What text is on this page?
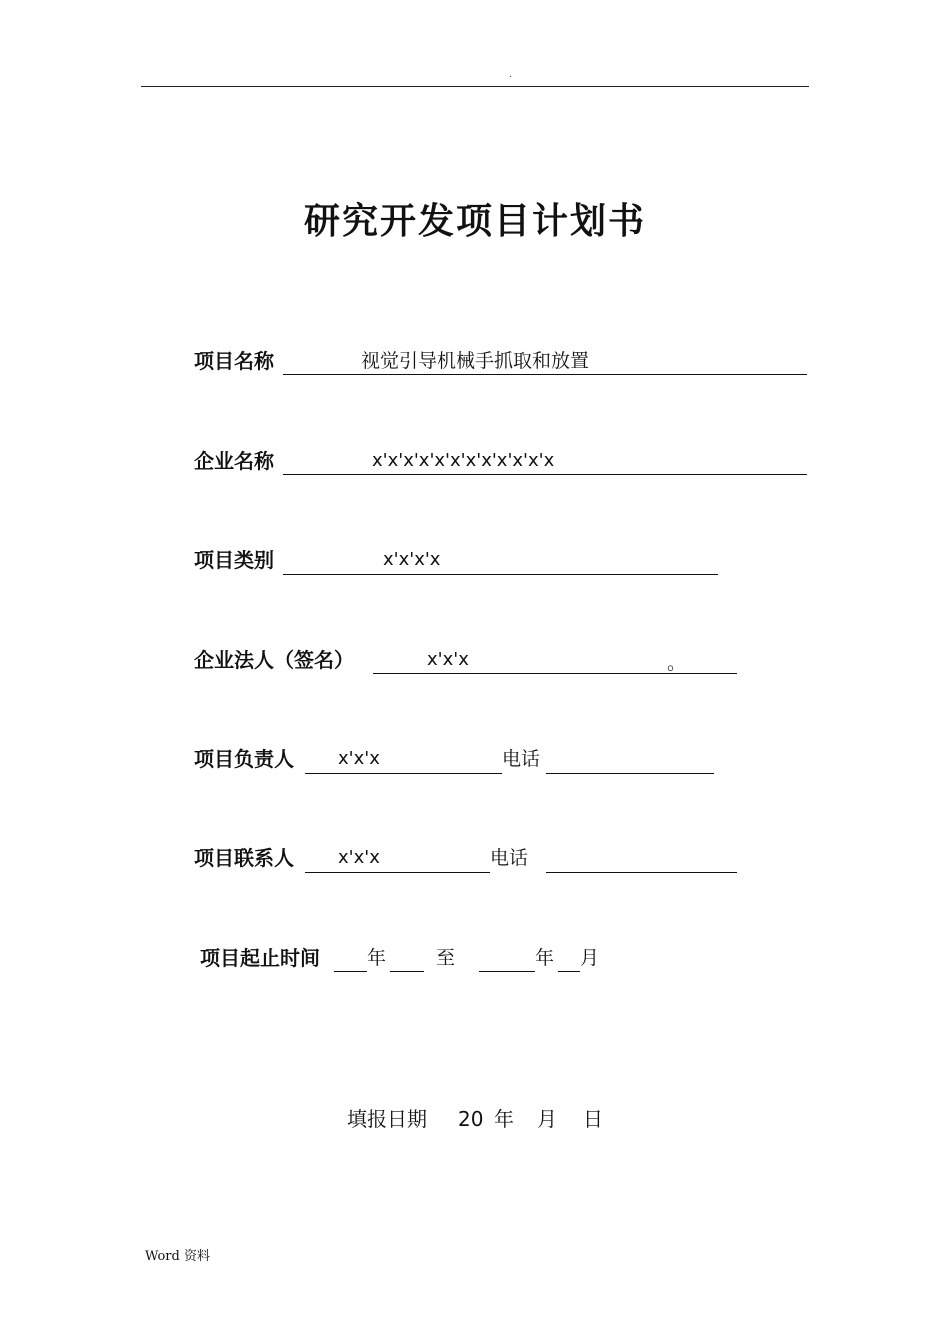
.
研究开发项目计划书
项目名称	视觉引导机械手抓取和放置
企业名称	x'x'x'x'x'x'x'x'x'x'x'x
项目类别	x'x'x'x
企业法人（签名）	x'x'x	。
项目负责人 x'x'x	电话
项目联系人 x'x'x	电话
项目起止时间 年	至	年 月
填报日期 20 年 月 日
Word 资料
